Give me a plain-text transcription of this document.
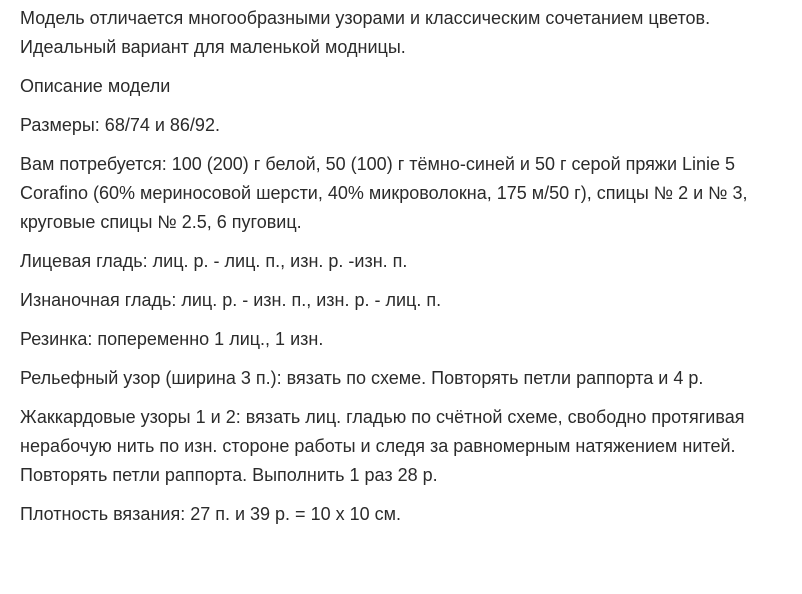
Модель отличается многообразными узорами и классическим сочетанием цветов. Идеальный вариант для маленькой модницы.

Описание модели

Размеры: 68/74 и 86/92.

Вам потребуется: 100 (200) г белой, 50 (100) г тёмно-синей и 50 г серой пряжи Linie 5 Corafino (60% мериносовой шерсти, 40% микроволокна, 175 м/50 г), спицы № 2 и № 3, круговые спицы № 2.5, 6 пуговиц.

Лицевая гладь: лиц. р. - лиц. п., изн. р. -изн. п.

Изнаночная гладь: лиц. р. - изн. п., изн. р. - лиц. п.

Резинка: попеременно 1 лиц., 1 изн.

Рельефный узор (ширина 3 п.): вязать по схеме. Повторять петли раппорта и 4 р.

Жаккардовые узоры 1 и 2: вязать лиц. гладью по счётной схеме, свободно протягивая нерабочую нить по изн. стороне работы и следя за равномерным натяжением нитей. Повторять петли раппорта. Выполнить 1 раз 28 р.

Плотность вязания: 27 п. и 39 р. = 10 х 10 см.
